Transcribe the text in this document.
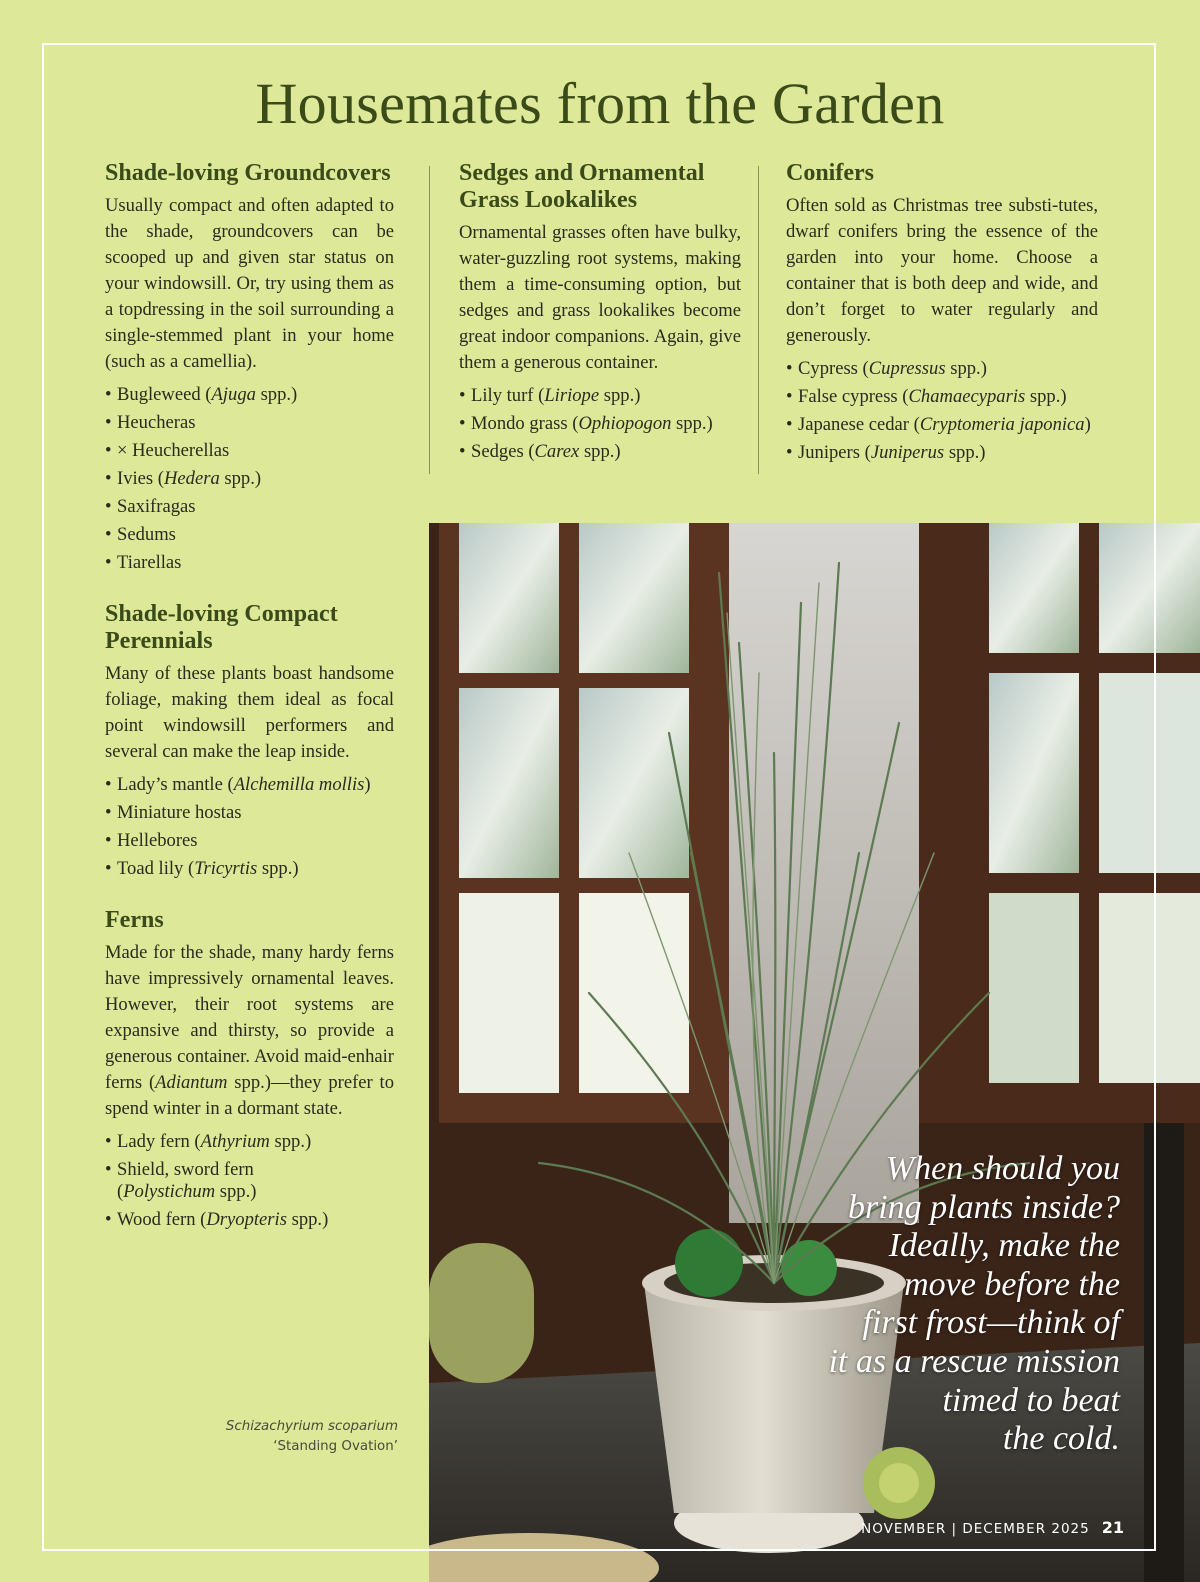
Housemates from the Garden
Shade-loving Groundcovers

Usually compact and often adapted to the shade, groundcovers can be scooped up and given star status on your windowsill. Or, try using them as a topdressing in the soil surrounding a single-stemmed plant in your home (such as a camellia).

• Bugleweed (Ajuga spp.)
• Heucheras
• × Heucherellas
• Ivies (Hedera spp.)
• Saxifragas
• Sedums
• Tiarellas
Shade-loving Compact Perennials

Many of these plants boast handsome foliage, making them ideal as focal point windowsill performers and several can make the leap inside.

• Lady’s mantle (Alchemilla mollis)
• Miniature hostas
• Hellebores
• Toad lily (Tricyrtis spp.)
Ferns

Made for the shade, many hardy ferns have impressively ornamental leaves. However, their root systems are expansive and thirsty, so provide a generous container. Avoid maid-enhair ferns (Adiantum spp.)—they prefer to spend winter in a dormant state.

• Lady fern (Athyrium spp.)
• Shield, sword fern
(Polystichum spp.)
• Wood fern (Dryopteris spp.)
Sedges and Ornamental Grass Lookalikes

Ornamental grasses often have bulky, water-guzzling root systems, making them a time-consuming option, but sedges and grass lookalikes become great indoor companions. Again, give them a generous container.

• Lily turf (Liriope spp.)
• Mondo grass (Ophiopogon spp.)
• Sedges (Carex spp.)
Conifers

Often sold as Christmas tree substi-tutes, dwarf conifers bring the essence of the garden into your home. Choose a container that is both deep and wide, and don’t forget to water regularly and generously.

• Cypress (Cupressus spp.)
• False cypress (Chamaecyparis spp.)
• Japanese cedar (Cryptomeria japonica)
• Junipers (Juniperus spp.)
When should you
bring plants inside?
Ideally, make the
move before the
first frost—think of
it as a rescue mission
timed to beat
the cold.
Schizachyrium scoparium
‘Standing Ovation’
NOVEMBER | DECEMBER 2025 21
